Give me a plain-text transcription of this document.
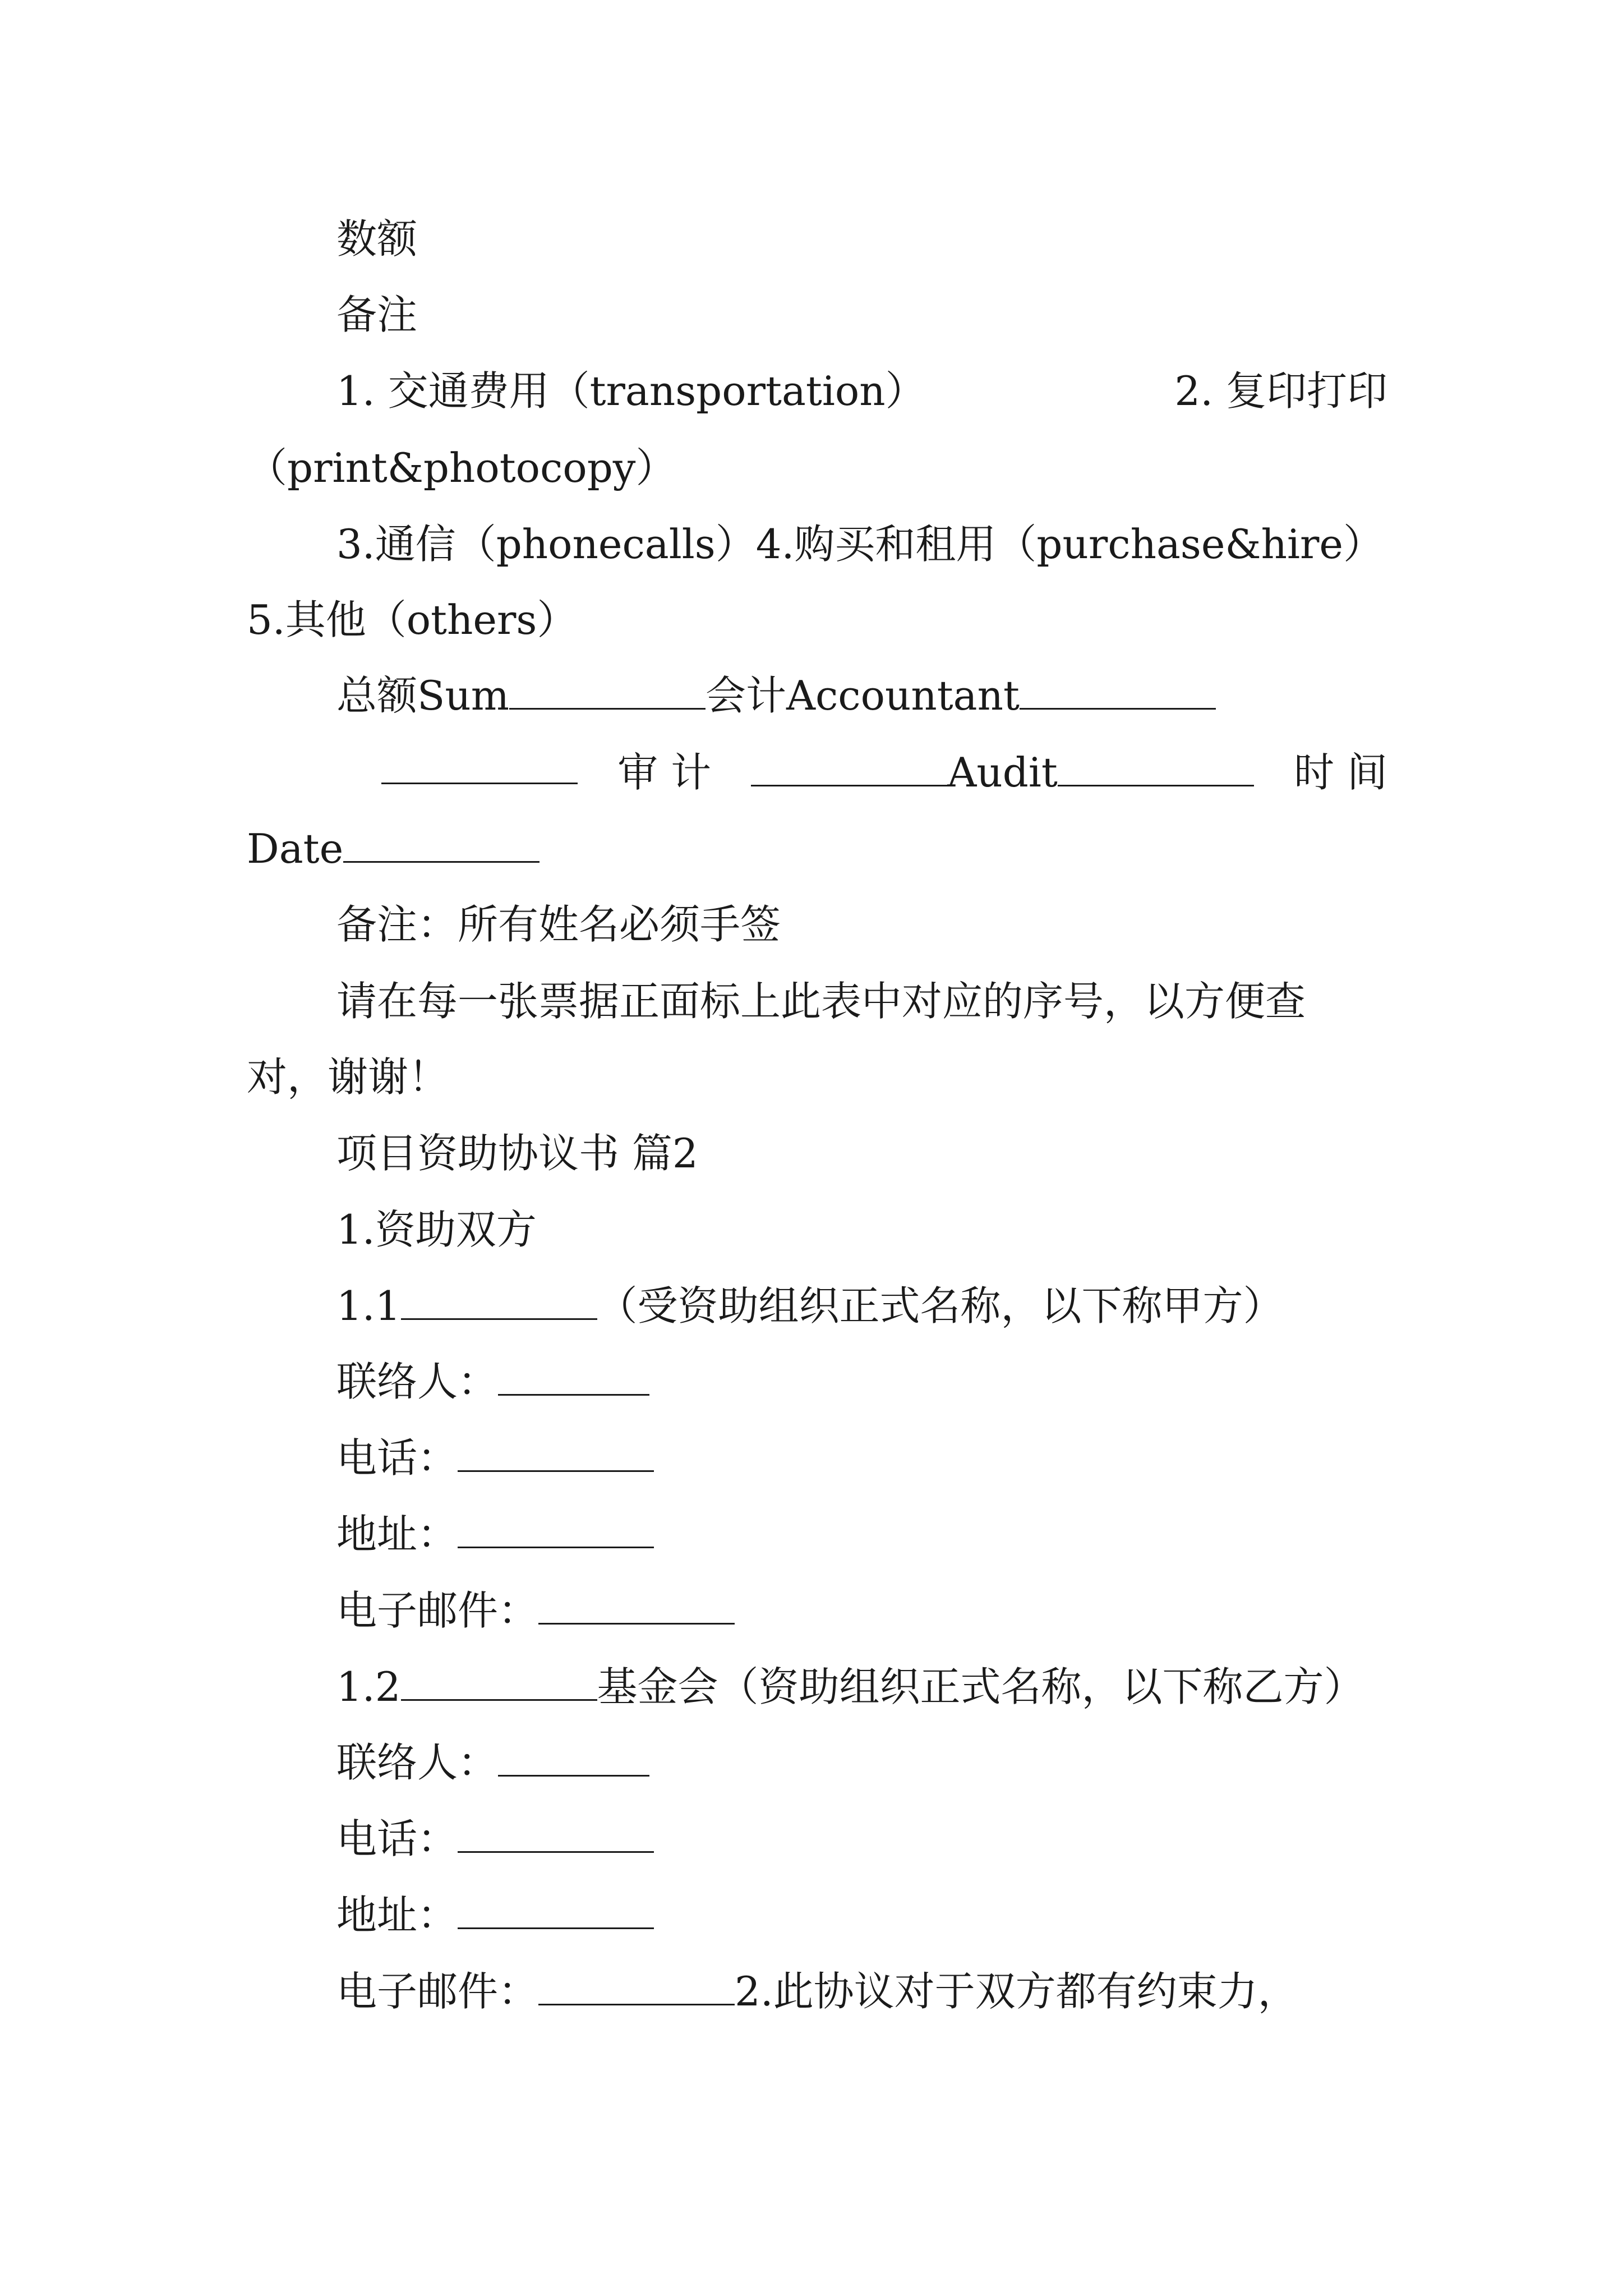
数额
备注
1. 交通费用（transportation）	2. 复印打印
（print&photocopy）
3.通信（phonecalls）4.购买和租用（purchase&hire）
5.其他（others）
总额Sum	会计Accountant
审 计	Audit	时 间
Date
备注：所有姓名必须手签
请在每一张票据正面标上此表中对应的序号，以方便查
对，谢谢！
项目资助协议书 篇2
1.资助双方
1.1	（受资助组织正式名称，以下称甲方）
联络人：
电话：
地址：
电子邮件：
1.2	基金会（资助组织正式名称，以下称乙方）
联络人：
电话：
地址：
电子邮件：	2.此协议对于双方都有约束力，
